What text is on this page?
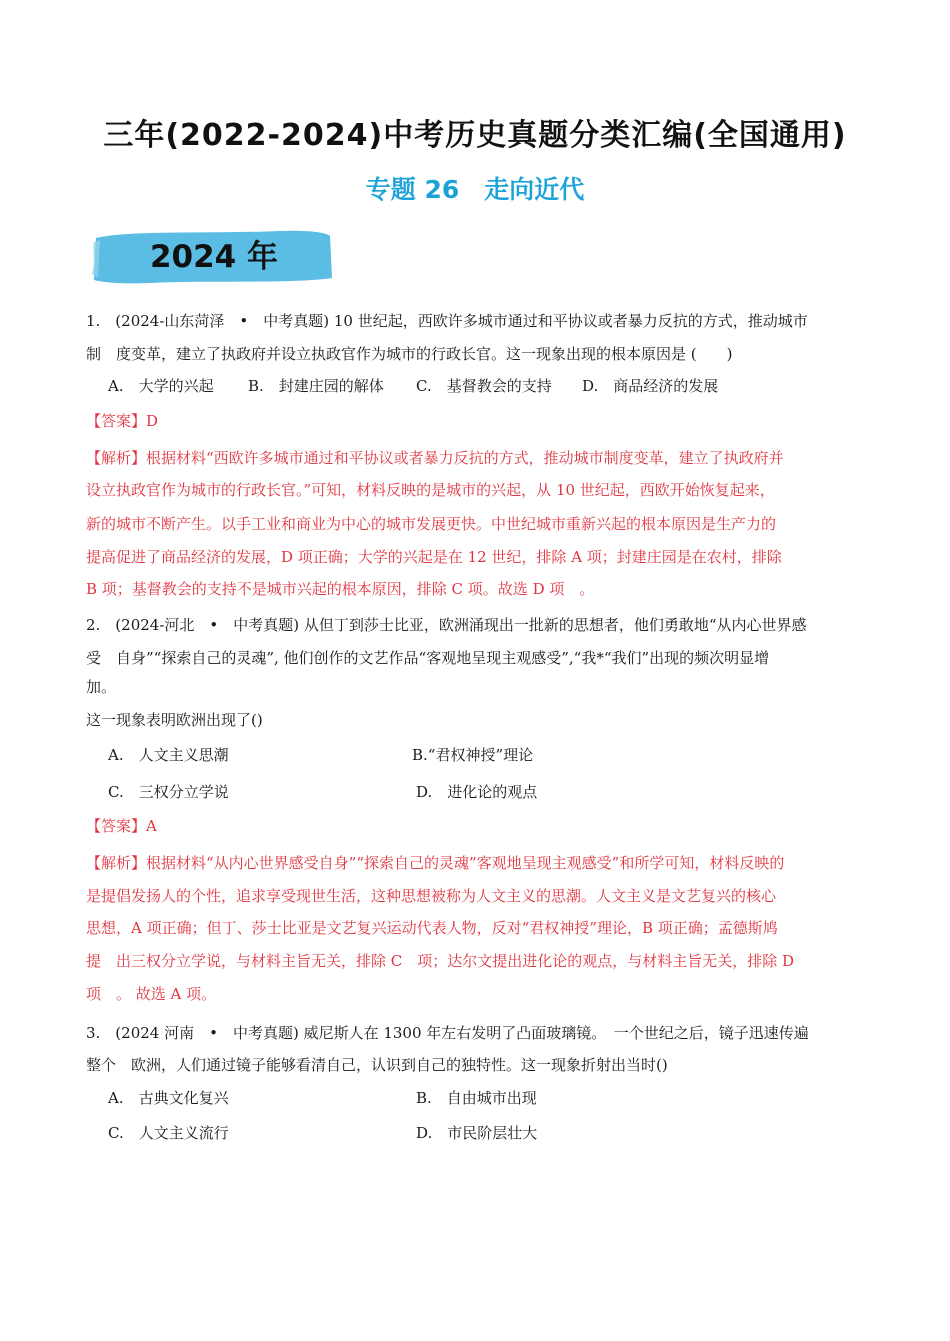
三年(2022-2024)中考历史真题分类汇编(全国通用)
专题 26　走向近代
2024 年
1.　(2024-山东菏泽　•　中考真题) 10 世纪起，西欧许多城市通过和平协议或者暴力反抗的方式，推动城市
制　度变革，建立了执政府并设立执政官作为城市的行政长官。这一现象出现的根本原因是 (　　)
A.　大学的兴起 B.　封建庄园的解体 C.　基督教会的支持 D.　商品经济的发展
【答案】D
【解析】根据材料“西欧许多城市通过和平协议或者暴力反抗的方式，推动城市制度变革，建立了执政府并
设立执政官作为城市的行政长官。”可知，材料反映的是城市的兴起，从 10 世纪起，西欧开始恢复起来，
新的城市不断产生。以手工业和商业为中心的城市发展更快。中世纪城市重新兴起的根本原因是生产力的
提高促进了商品经济的发展，D 项正确；大学的兴起是在 12 世纪，排除 A 项；封建庄园是在农村，排除
B 项；基督教会的支持不是城市兴起的根本原因，排除 C 项。故选 D 项　。
2.　(2024-河北　•　中考真题) 从但丁到莎士比亚，欧洲涌现出一批新的思想者，他们勇敢地“从内心世界感
受　自身”“探索自己的灵魂”, 他们创作的文艺作品“客观地呈现主观感受”,“我*“我们”出现的频次明显增
加。
这一现象表明欧洲出现了()
A.　人文主义思潮	B.“君权神授”理论
C.　三权分立学说	D.　进化论的观点
【答案】A
【解析】根据材料“从内心世界感受自身”“探索自己的灵魂”客观地呈现主观感受”和所学可知，材料反映的
是提倡发扬人的个性，追求享受现世生活，这种思想被称为人文主义的思潮。人文主义是文艺复兴的核心
思想，A 项正确；但丁、莎士比亚是文艺复兴运动代表人物，反对“君权神授”理论，B 项正确；孟德斯鸠
提　出三权分立学说，与材料主旨无关，排除 C　项；达尔文提出进化论的观点，与材料主旨无关，排除 D
项　。 故选 A 项。
3.　(2024 河南　•　中考真题) 威尼斯人在 1300 年左右发明了凸面玻璃镜。　一个世纪之后，镜子迅速传遍
整个　欧洲，人们通过镜子能够看清自己，认识到自己的独特性。这一现象折射出当时()
A.　古典文化复兴	B.　自由城市出现
C.　人文主义流行	D.　市民阶层壮大
